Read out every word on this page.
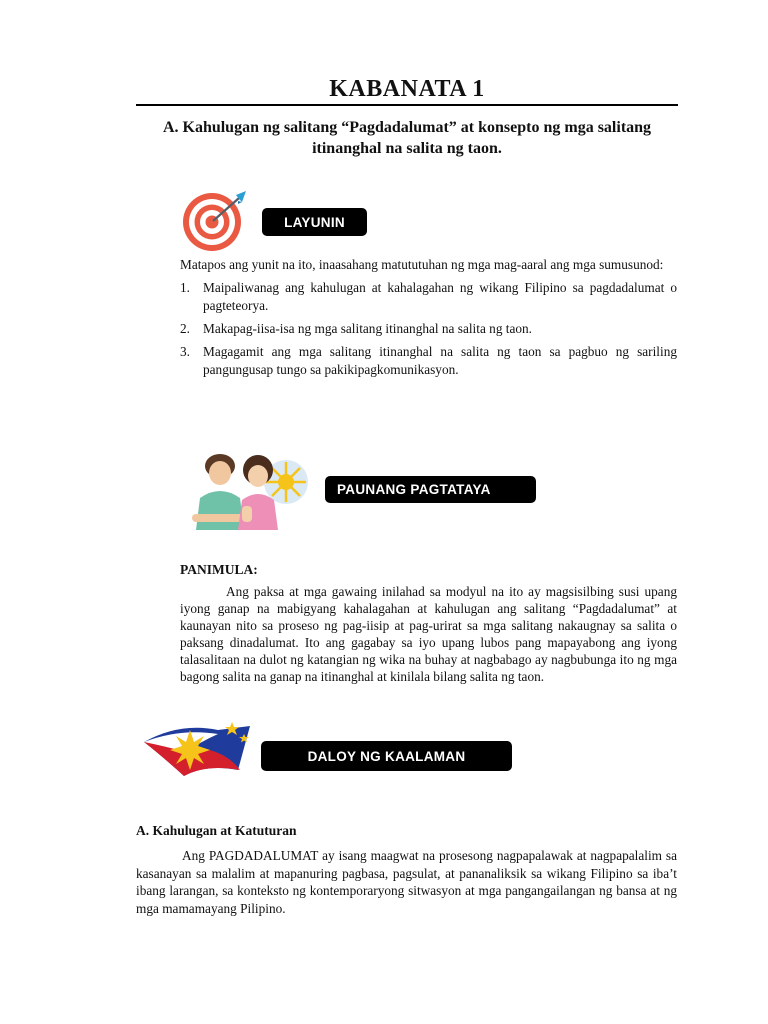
KABANATA 1
A. Kahulugan ng salitang “Pagdadalumat” at konsepto ng mga salitang itinanghal na salita ng taon.
LAYUNIN
Matapos ang yunit na ito, inaasahang matututuhan ng mga mag-aaral ang mga sumusunod:
1. Maipaliwanag ang kahulugan at kahalagahan ng wikang Filipino sa pagdadalumat o pagteteorya.
2. Makapag-iisa-isa ng mga salitang itinanghal na salita ng taon.
3. Magagamit ang mga salitang itinanghal na salita ng taon sa pagbuo ng sariling pangungusap tungo sa pakikipagkomunikasyon.
PAUNANG PAGTATAYA
PANIMULA:
Ang paksa at mga gawaing inilahad sa modyul na ito ay magsisilbing susi upang iyong ganap na mabigyang kahalagahan at kahulugan ang salitang “Pagdadalumat” at kaunayan nito sa proseso ng pag-iisip at pag-urirat sa mga salitang nakaugnay sa salita o paksang dinadalumat. Ito ang gagabay sa iyo upang lubos pang mapayabong ang iyong talasalitaan na dulot ng katangian ng wika na buhay at nagbabago ay nagbubunga ito ng mga bagong salita na ganap na itinanghal at kinilala bilang salita ng taon.
DALOY NG KAALAMAN
A. Kahulugan at Katuturan
Ang PAGDADALUMAT ay isang maagwat na prosesong nagpapalawak at nagpapalalim sa kasanayan sa malalim at mapanuring pagbasa, pagsulat, at pananaliksik sa wikang Filipino sa iba’t ibang larangan, sa konteksto ng kontemporaryong sitwasyon at mga pangangailangan ng bansa at ng mga mamamayang Pilipino.
